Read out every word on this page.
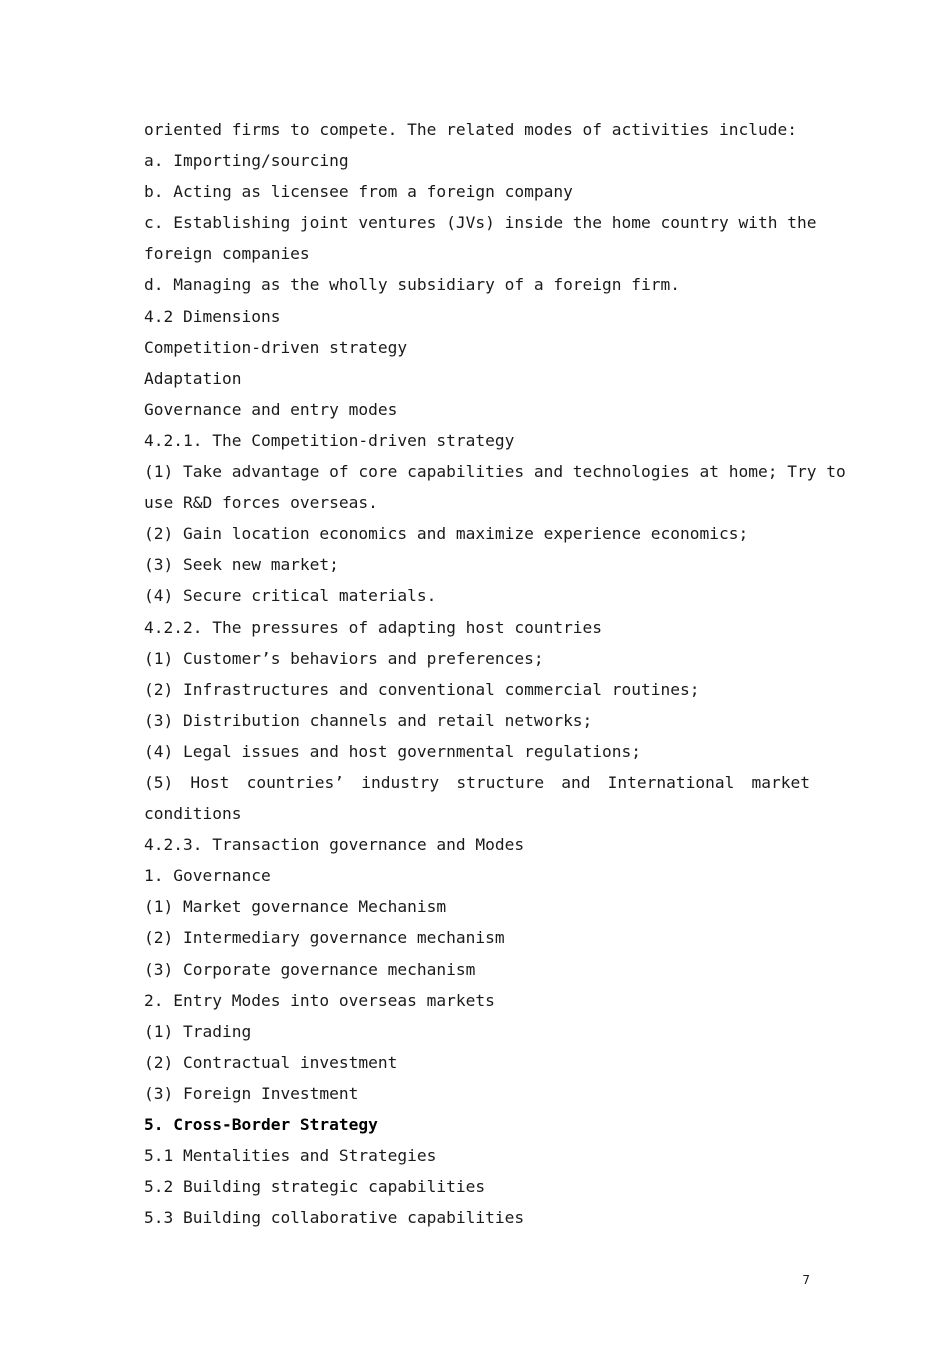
oriented firms to compete. The related modes of activities include:
a. Importing/sourcing
b. Acting as licensee from a foreign company
c. Establishing joint ventures (JVs) inside the home country with the
foreign companies
d. Managing as the wholly subsidiary of a foreign firm.
4.2 Dimensions
Competition-driven strategy
Adaptation
Governance and entry modes
4.2.1. The Competition-driven strategy
(1) Take advantage of core capabilities and technologies at home; Try to
use R&D forces overseas.
(2) Gain location economics and maximize experience economics;
(3) Seek new market;
(4) Secure critical materials.
4.2.2. The pressures of adapting host countries
(1) Customer’s behaviors and preferences;
(2) Infrastructures and conventional commercial routines;
(3) Distribution channels and retail networks;
(4) Legal issues and host governmental regulations;
(5) Host countries’ industry structure and International market
conditions
4.2.3. Transaction governance and Modes
1. Governance
(1) Market governance Mechanism
(2) Intermediary governance mechanism
(3) Corporate governance mechanism
2. Entry Modes into overseas markets
(1) Trading
(2) Contractual investment
(3) Foreign Investment
5. Cross-Border Strategy
5.1 Mentalities and Strategies
5.2 Building strategic capabilities
5.3 Building collaborative capabilities
7
